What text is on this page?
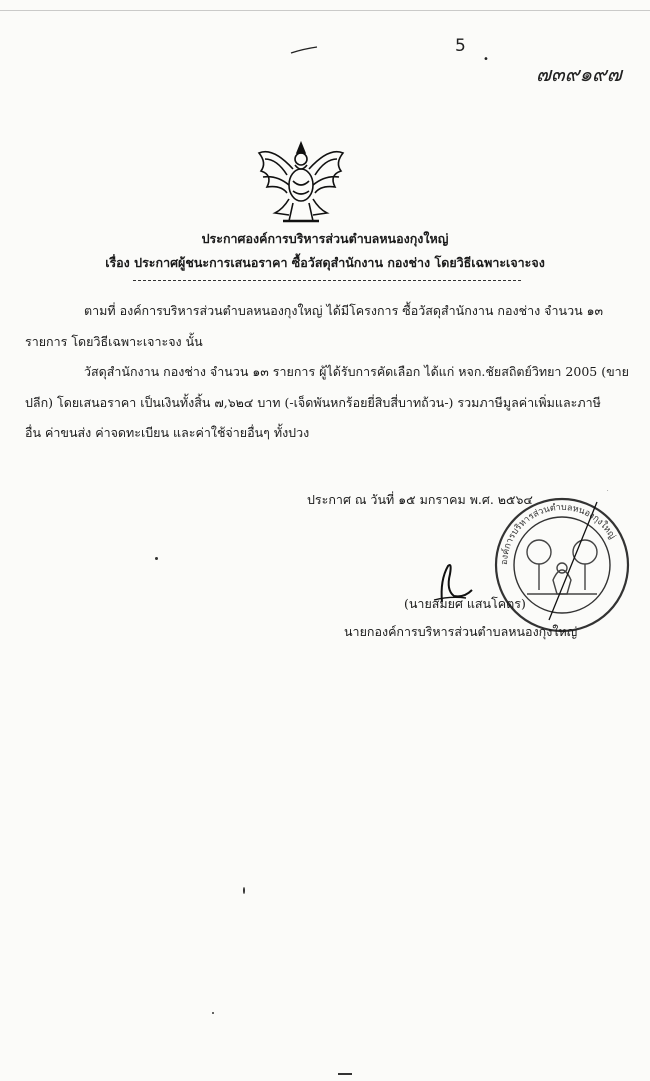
5
•
๗๓๙๑๙๗
ประกาศองค์การบริหารส่วนตำบลหนองกุงใหญ่
เรื่อง ประกาศผู้ชนะการเสนอราคา ซื้อวัสดุสำนักงาน กองช่าง โดยวิธีเฉพาะเจาะจง
ตามที่ องค์การบริหารส่วนตำบลหนองกุงใหญ่ ได้มีโครงการ ซื้อวัสดุสำนักงาน กองช่าง จำนวน ๑๓
รายการ โดยวิธีเฉพาะเจาะจง นั้น
วัสดุสำนักงาน กองช่าง จำนวน ๑๓ รายการ ผู้ได้รับการคัดเลือก ได้แก่ หจก.ชัยสถิตย์วิทยา 2005 (ขาย
ปลีก) โดยเสนอราคา เป็นเงินทั้งสิ้น ๗,๖๒๔ บาท (-เจ็ดพันหกร้อยยี่สิบสี่บาทถ้วน-) รวมภาษีมูลค่าเพิ่มและภาษี
อื่น ค่าขนส่ง ค่าจดทะเบียน และค่าใช้จ่ายอื่นๆ ทั้งปวง
ประกาศ ณ วันที่ ๑๕ มกราคม พ.ศ. ๒๕๖๔
องค์การบริหารส่วนตำบลหนองกุงใหญ่
(นายสมยศ แสนโคตร)
นายกองค์การบริหารส่วนตำบลหนองกุงใหญ่
